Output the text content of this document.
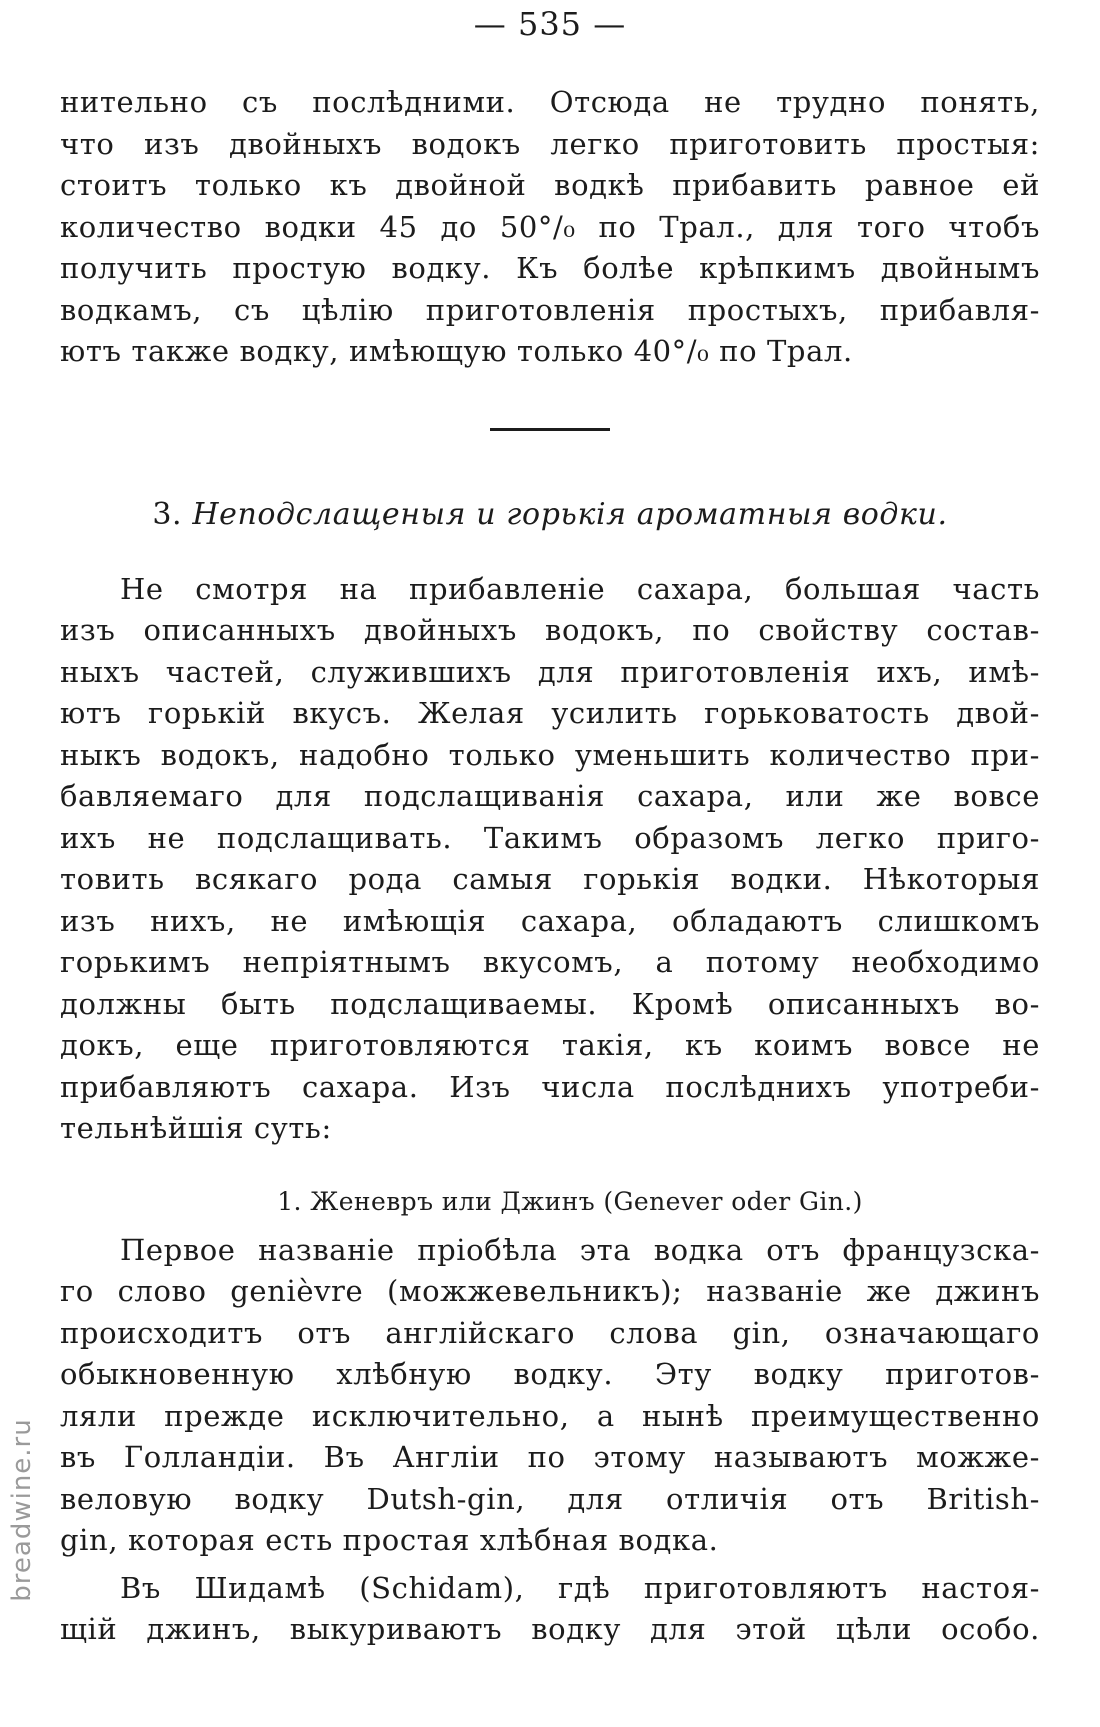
— 535 —
нительно съ послѣдними. Отсюда не трудно понять,
что изъ двойныхъ водокъ легко приготовить простыя:
стоитъ только къ двойной водкѣ прибавить равное ей
количество водки 45 до 50°/₀ по Трал., для того чтобъ
получить простую водку. Къ болѣе крѣпкимъ двойнымъ
водкамъ, съ цѣлію приготовленія простыхъ, прибавля-
ютъ также водку, имѣющую только 40°/₀ по Трал.
3. Неподслащеныя и горькія ароматныя водки.
Не смотря на прибавленіе сахара, большая часть
изъ описанныхъ двойныхъ водокъ, по свойству состав-
ныхъ частей, служившихъ для приготовленія ихъ, имѣ-
ютъ горькій вкусъ. Желая усилить горьковатость двой-
ныкъ водокъ, надобно только уменьшить количество при-
бавляемаго для подслащиванія сахара, или же вовсе
ихъ не подслащивать. Такимъ образомъ легко приго-
товить всякаго рода самыя горькія водки. Нѣкоторыя
изъ нихъ, не имѣющія сахара, обладаютъ слишкомъ
горькимъ непріятнымъ вкусомъ, а потому необходимо
должны быть подслащиваемы. Кромѣ описанныхъ во-
докъ, еще приготовляются такія, къ коимъ вовсе не
прибавляютъ сахара. Изъ числа послѣднихъ употреби-
тельнѣйшія суть:
1. Женевръ или Джинъ (Genever oder Gin.)
Первое названіе пріобѣла эта водка отъ французска-
го слово genièvre (можжевельникъ); названіе же джинъ
происходитъ отъ англійскаго слова gin, означающаго
обыкновенную хлѣбную водку. Эту водку приготов-
ляли прежде исключительно, а нынѣ преимущественно
въ Голландіи. Въ Англіи по этому называютъ можже-
веловую водку Dutsh-gin, для отличія отъ British-
gin, которая есть простая хлѣбная водка.
Въ Шидамѣ (Schidam), гдѣ приготовляютъ настоя-
щій джинъ, выкуриваютъ водку для этой цѣли особо.
breadwine.ru
